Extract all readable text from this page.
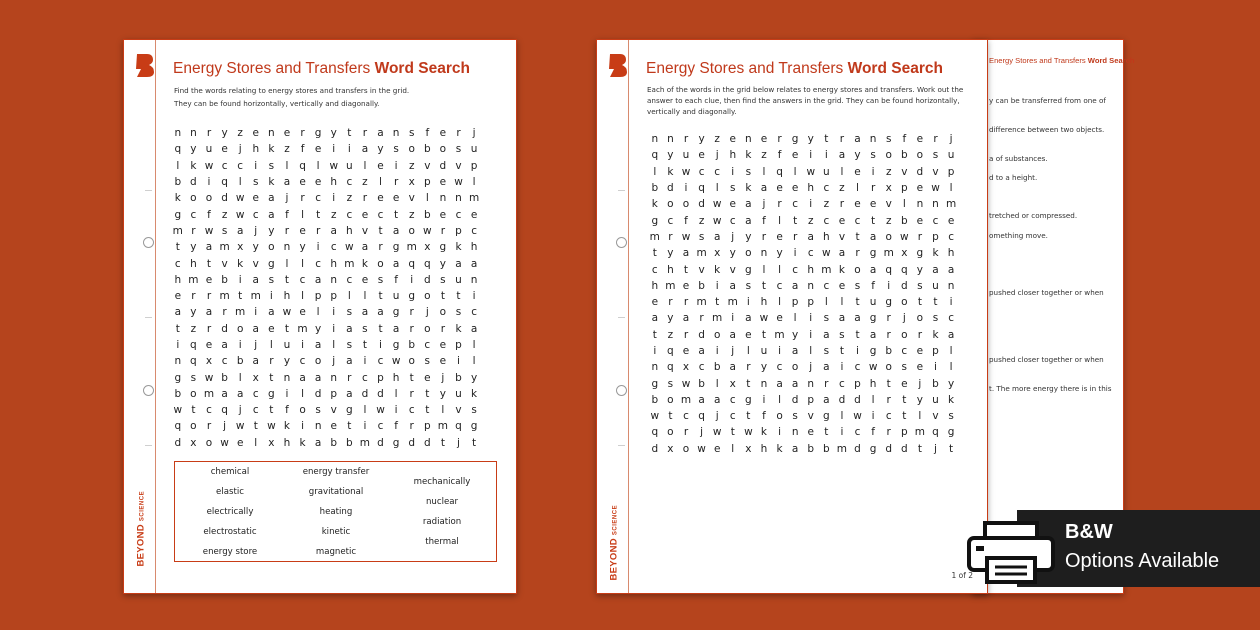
BEYOND SCIENCE
Energy Stores and Transfers Word Search
Find the words relating to energy stores and transfers in the grid.
They can be found horizontally, vertically and diagonally.
n n r y z e n e r g y t	r a n s	f	e r	j
q y u e	j	h k z	f	e	i	i	a y s o b o s u
l	k w c c	i	s	l	q	l w u	l	e	i	z v d v p
b d	i	q	l	s k a e e h c z	l	r x p e w l
k o o d w e a	j	r	c	i	z	r e e v	l	n n m
g c	f	z w c a	f	l	t	z c e c	t	z b e c e
m r w s a	j	y r e r a h v t a o w r p c
t y a m x y o n y	i	c w a r g m x g k h
c h t v k v g	l	l	c h m k o a q q y a a
h m e b	i	a s	t	c a n c e s	f	i	d s u n
e r	r m t m i	h	l	p p	l	l	t u g o t	t	i
a y a r m i	a w e	l	i	s a a g r	j	o s c
t	z	r d o a e t m y	i	a s	t a r o r k a
i	q e a	i	j	l	u	i	a	l	s	t	i	g b c e p	l
n q x c b a r y c o	j	a	i	c w o s e	i	l
g s w b	l	x t n a a n r	c p h t e	j	b y
b o m a a c g	i	l	d p a d d	l	r	t y u k
w t	c q	j	c	t	f	o s v g	l w i	c	t	l	v s
q o r	j w t w k	i	n e t	i	c	f	r p m q g
d x o w e	l	x h k a b b m d g d d t	j	t
chemical
elastic
electrically
electrostatic
energy store
energy transfer
gravitational
heating
kinetic
magnetic
mechanically
nuclear
radiation
thermal
Energy Stores and Transfers Word Search
y can be transferred from one of
difference between two objects.
a of substances.
d to a height.
tretched or compressed.
omething move.
pushed closer together or when
pushed closer together or when
t. The more energy there is in this
BEYOND SCIENCE
Energy Stores and Transfers Word Search
Each of the words in the grid below relates to energy stores and transfers. Work out the
answer to each clue, then find the answers in the grid. They can be found horizontally,
vertically and diagonally.
n n r y z e n e r g y t	r a n s	f	e r	j
q y u e	j	h k z	f	e	i	i	a y s o b o s u
l	k w c c	i	s	l	q	l w u	l	e	i	z v d v p
b d	i	q	l	s k a e e h c z	l	r x p e w l
k o o d w e a	j	r	c	i	z	r e e v	l	n n m
g c	f	z w c a	f	l	t	z c e c	t	z b e c e
m r w s a	j	y r e r a h v t a o w r p c
t y a m x y o n y	i	c w a r g m x g k h
c h t v k v g	l	l	c h m k o a q q y a a
h m e b	i	a s	t	c a n c e s	f	i	d s u n
e r	r m t m i	h	l	p p	l	l	t u g o t	t	i
a y a r m i	a w e	l	i	s a a g r	j	o s c
t	z	r d o a e t m y	i	a s	t a r o r k a
i	q e a	i	j	l	u	i	a	l	s	t	i	g b c e p	l
n q x c b a r y c o	j	a	i	c w o s e	i	l
g s w b	l	x t n a a n r	c p h t e	j	b y
b o m a a c g	i	l	d p a d d	l	r	t y u k
w t	c q	j	c	t	f	o s v g	l w i	c	t	l	v s
q o r	j w t w k	i	n e t	i	c	f	r p m q g
d x o w e	l	x h k a b b m d g d d t	j	t
1 of 2
B&W
Options Available
